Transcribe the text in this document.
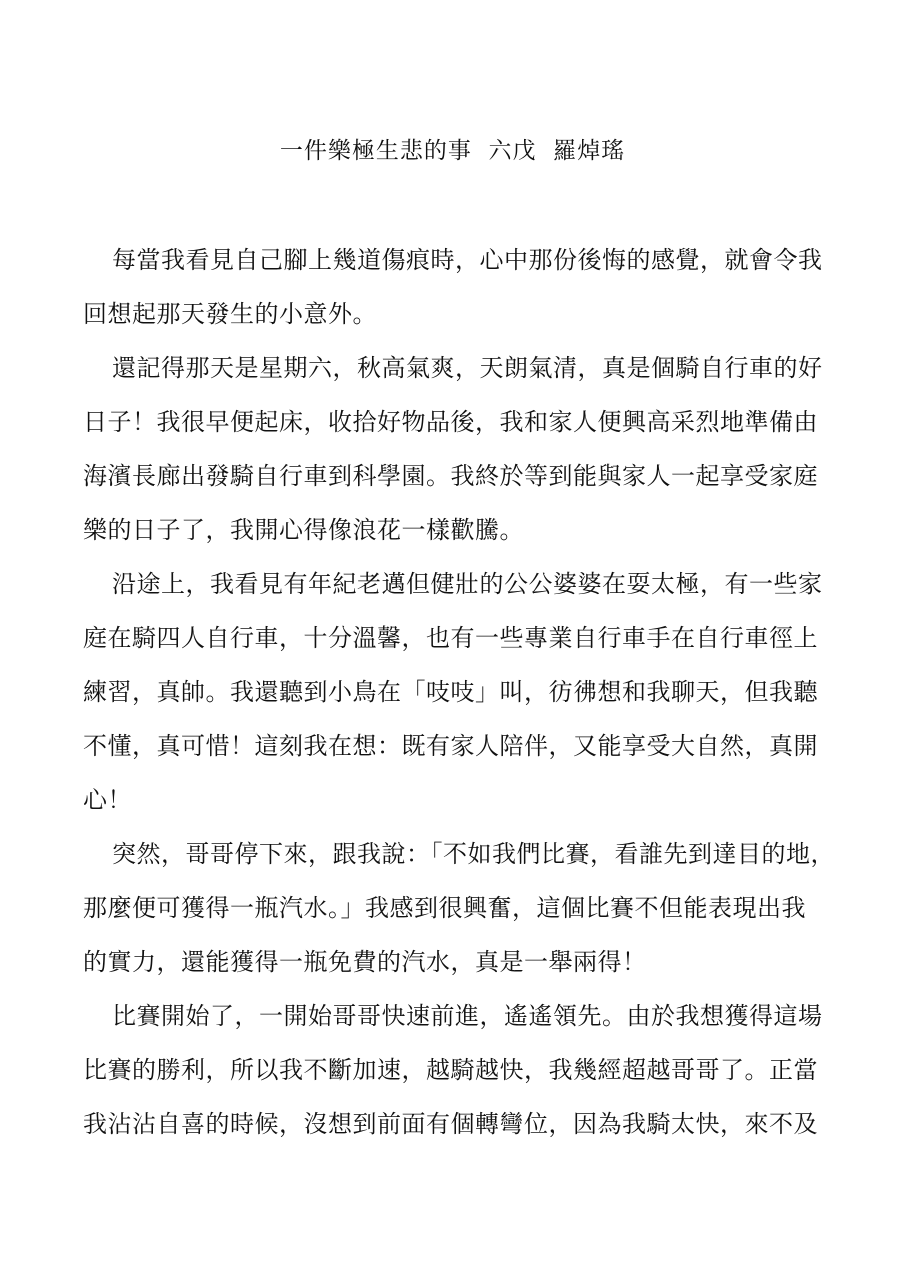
一件樂極生悲的事  六戊  羅焯瑤
每當我看見自己腳上幾道傷痕時，心中那份後悔的感覺，就會令我
回想起那天發生的小意外。
還記得那天是星期六，秋高氣爽，天朗氣清，真是個騎自行車的好
日子！我很早便起床，收拾好物品後，我和家人便興高采烈地準備由
海濱長廊出發騎自行車到科學園。我終於等到能與家人一起享受家庭
樂的日子了，我開心得像浪花一樣歡騰。
沿途上，我看見有年紀老邁但健壯的公公婆婆在耍太極，有一些家
庭在騎四人自行車，十分溫馨，也有一些專業自行車手在自行車徑上
練習，真帥。我還聽到小鳥在「吱吱」叫，彷彿想和我聊天，但我聽
不懂，真可惜！這刻我在想：既有家人陪伴，又能享受大自然，真開
心！
突然，哥哥停下來，跟我說：「不如我們比賽，看誰先到達目的地，
那麼便可獲得一瓶汽水。」我感到很興奮，這個比賽不但能表現出我
的實力，還能獲得一瓶免費的汽水，真是一舉兩得！
比賽開始了，一開始哥哥快速前進，遙遙領先。由於我想獲得這場
比賽的勝利，所以我不斷加速，越騎越快，我幾經超越哥哥了。正當
我沾沾自喜的時候，沒想到前面有個轉彎位，因為我騎太快，來不及
